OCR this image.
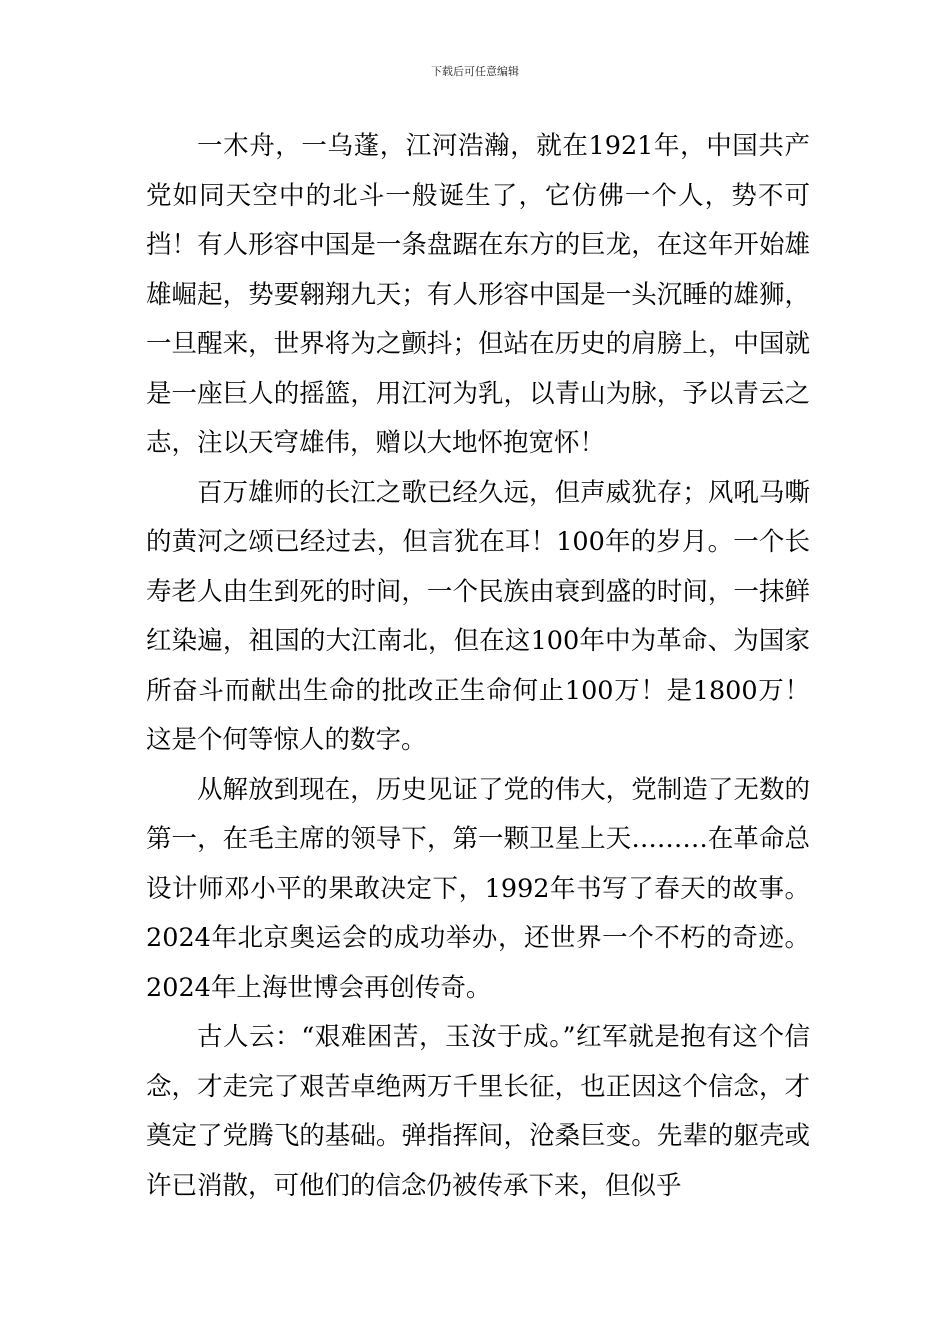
下载后可任意编辑

一木舟，一乌蓬，江河浩瀚，就在1921年，中国共产党如同天空中的北斗一般诞生了，它仿佛一个人，势不可挡！有人形容中国是一条盘踞在东方的巨龙，在这年开始雄雄崛起，势要翱翔九天；有人形容中国是一头沉睡的雄狮，一旦醒来，世界将为之颤抖；但站在历史的肩膀上，中国就是一座巨人的摇篮，用江河为乳，以青山为脉，予以青云之志，注以天穹雄伟，赠以大地怀抱宽怀！

百万雄师的长江之歌已经久远，但声威犹存；风吼马嘶的黄河之颂已经过去，但言犹在耳！100年的岁月。一个长寿老人由生到死的时间，一个民族由衰到盛的时间，一抹鲜红染遍，祖国的大江南北，但在这100年中为革命、为国家所奋斗而献出生命的批改正生命何止100万！是1800万！这是个何等惊人的数字。

从解放到现在，历史见证了党的伟大，党制造了无数的第一，在毛主席的领导下，第一颗卫星上天………在革命总设计师邓小平的果敢决定下，1992年书写了春天的故事。2024年北京奥运会的成功举办，还世界一个不朽的奇迹。2024年上海世博会再创传奇。

古人云：“艰难困苦，玉汝于成。”红军就是抱有这个信念，才走完了艰苦卓绝两万千里长征，也正因这个信念，才奠定了党腾飞的基础。弹指挥间，沧桑巨变。先辈的躯壳或许已消散，可他们的信念仍被传承下来，但似乎
